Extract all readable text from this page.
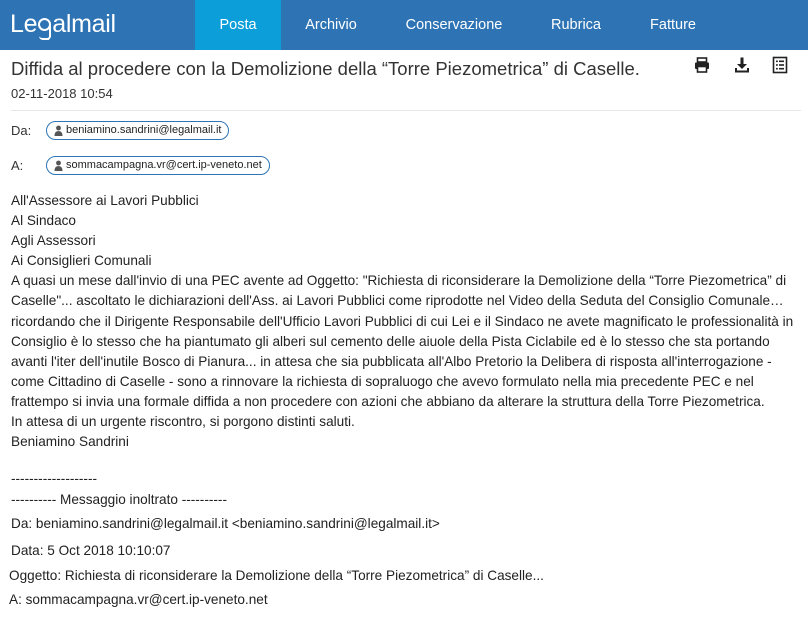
Le almail	Posta	Archivio	Conservazione	Rubrica	Fatture
Diffida al procedere con la Demolizione della “Torre Piezometrica” di Caselle.
02-11-2018 10:54
Da:	beniamino.sandrini@legalmail.it
A:	sommacampagna.vr@cert.ip-veneto.net

All'Assessore ai Lavori Pubblici

Al Sindaco

Agli Assessori

Ai Consiglieri Comunali

A quasi un mese dall'invio di una PEC avente ad Oggetto: "Richiesta di riconsiderare la Demolizione della “Torre Piezometrica” di Caselle"... ascoltato le dichiarazioni dell'Ass. ai Lavori Pubblici come riprodotte nel Video della Seduta del Consiglio Comunale… ricordando che il Dirigente Responsabile dell'Ufficio Lavori Pubblici di cui Lei e il Sindaco ne avete magnificato le professionalità in Consiglio è lo stesso che ha piantumato gli alberi sul cemento delle aiuole della Pista Ciclabile ed è lo stesso che sta portando avanti l'iter dell'inutile Bosco di Pianura... in attesa che sia pubblicata all'Albo Pretorio la Delibera di risposta all'interrogazione - come Cittadino di Caselle - sono a rinnovare la richiesta di sopraluogo che avevo formulato nella mia precedente PEC e nel frattempo si invia una formale diffida a non procedere con azioni che abbiano da alterare la struttura della Torre Piezometrica.

In attesa di un urgente riscontro, si porgono distinti saluti.

Beniamino Sandrini

-------------------
---------- Messaggio inoltrato ----------
Da: beniamino.sandrini@legalmail.it <beniamino.sandrini@legalmail.it>
Data: 5 Oct 2018 10:10:07
Oggetto: Richiesta di riconsiderare la Demolizione della “Torre Piezometrica” di Caselle...
A: sommacampagna.vr@cert.ip-veneto.net
